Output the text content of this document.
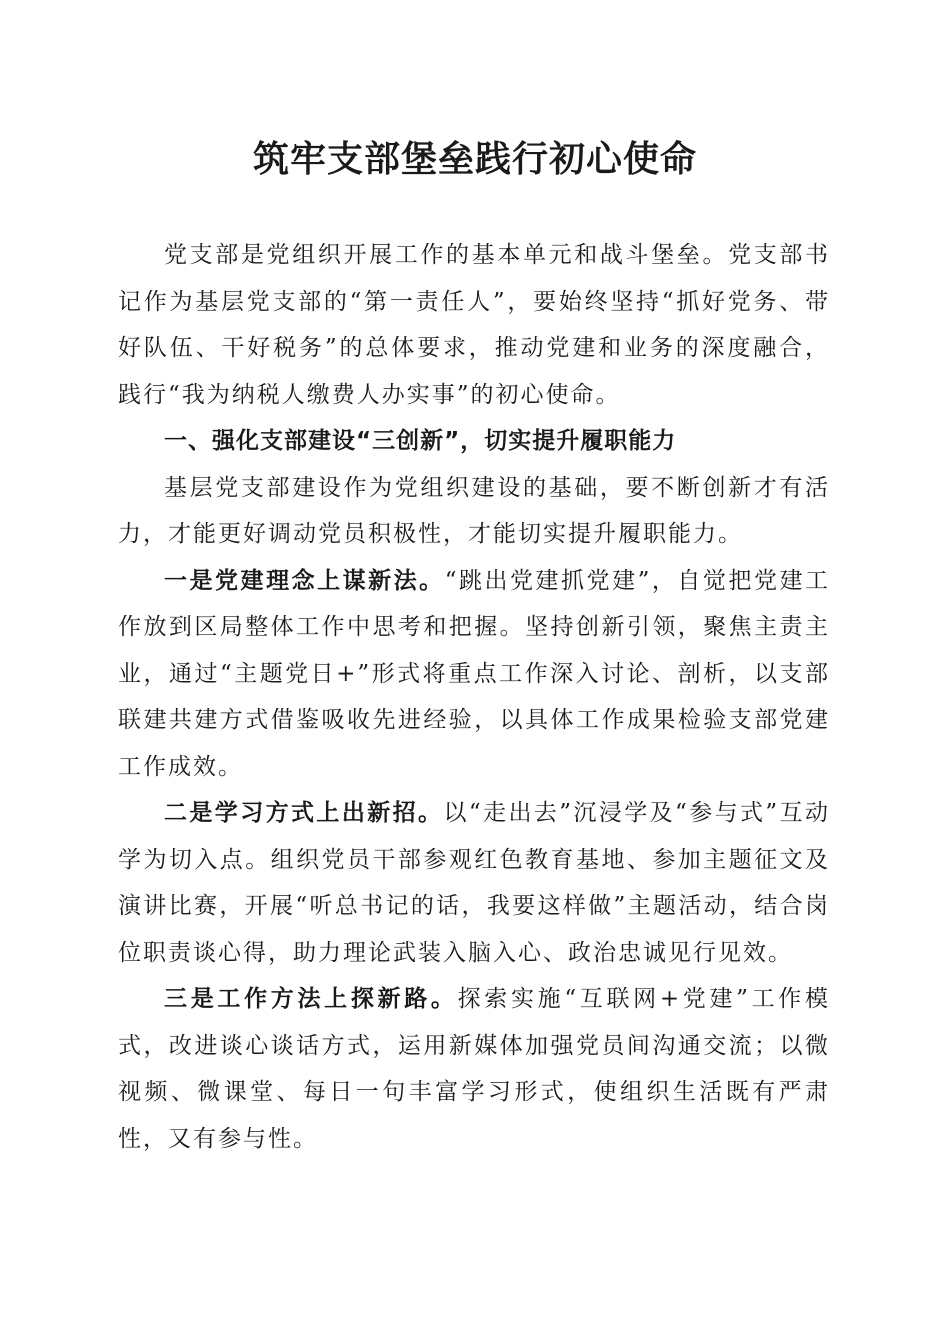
筑牢支部堡垒践行初心使命

党支部是党组织开展工作的基本单元和战斗堡垒。党支部书记作为基层党支部的“第一责任人”，要始终坚持“抓好党务、带好队伍、干好税务”的总体要求，推动党建和业务的深度融合，践行“我为纳税人缴费人办实事”的初心使命。

一、强化支部建设“三创新”，切实提升履职能力

基层党支部建设作为党组织建设的基础，要不断创新才有活力，才能更好调动党员积极性，才能切实提升履职能力。

一是党建理念上谋新法。“跳出党建抓党建”，自觉把党建工作放到区局整体工作中思考和把握。坚持创新引领，聚焦主责主业，通过“主题党日+”形式将重点工作深入讨论、剖析，以支部联建共建方式借鉴吸收先进经验，以具体工作成果检验支部党建工作成效。

二是学习方式上出新招。以“走出去”沉浸学及“参与式”互动学为切入点。组织党员干部参观红色教育基地、参加主题征文及演讲比赛，开展“听总书记的话，我要这样做”主题活动，结合岗位职责谈心得，助力理论武装入脑入心、政治忠诚见行见效。

三是工作方法上探新路。探索实施“互联网+党建”工作模式，改进谈心谈话方式，运用新媒体加强党员间沟通交流；以微视频、微课堂、每日一句丰富学习形式，使组织生活既有严肃性，又有参与性。
